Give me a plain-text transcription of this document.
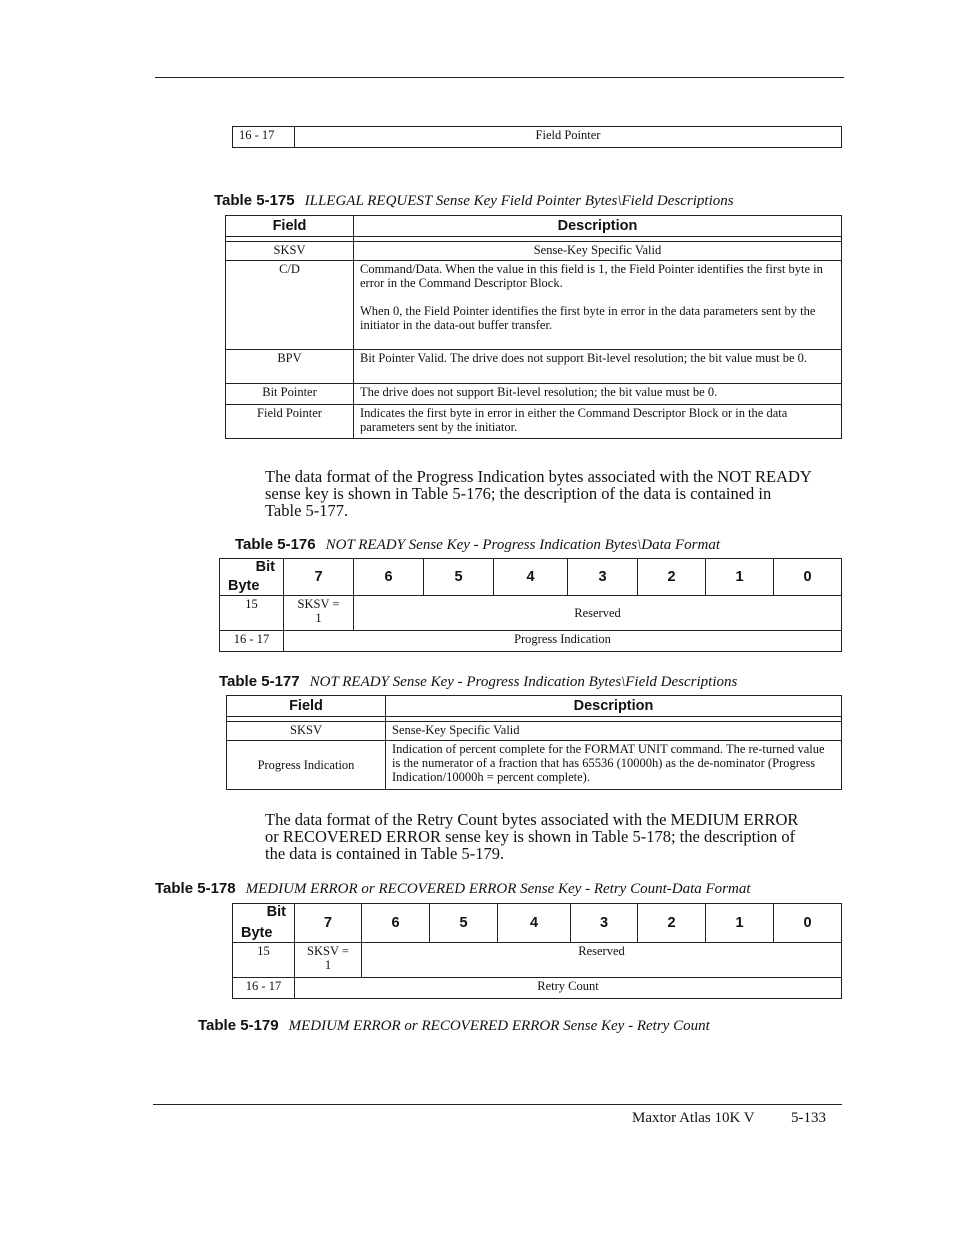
16 - 17	Field Pointer
Table 5-175 ILLEGAL REQUEST Sense Key Field Pointer Bytes\Field Descriptions
Field	Description

SKSV	Sense-Key Specific Valid
C/D	Command/Data. When the value in this field is 1, the Field Pointer identifies the first byte in error in the Command Descriptor Block.
When 0, the Field Pointer identifies the first byte in error in the data parameters sent by the initiator in the data-out buffer transfer.

BPV	Bit Pointer Valid. The drive does not support Bit-level resolution; the bit value must be 0.
Bit Pointer	The drive does not support Bit-level resolution; the bit value must be 0.
Field Pointer	Indicates the first byte in error in either the Command Descriptor Block or in the data parameters sent by the initiator.
The data format of the Progress Indication bytes associated with the NOT READY
sense key is shown in Table 5-176; the description of the data is contained in
Table 5-177.
Table 5-176 NOT READY Sense Key - Progress Indication Bytes\Data Format
Bit
Byte	7	6	5	4	3	2	1	0
15	SKSV = 1	Reserved						
16 - 17	Progress Indication							
Table 5-177 NOT READY Sense Key - Progress Indication Bytes\Field Descriptions
Field	Description

SKSV	Sense-Key Specific Valid
Progress Indication	Indication of percent complete for the FORMAT UNIT command. The re-turned value is the numerator of a fraction that has 65536 (10000h) as the de-nominator (Progress Indication/10000h = percent complete).
The data format of the Retry Count bytes associated with the MEDIUM ERROR
or RECOVERED ERROR sense key is shown in Table 5-178; the description of
the data is contained in Table 5-179.
Table 5-178 MEDIUM ERROR or RECOVERED ERROR Sense Key - Retry Count-Data Format
Bit
Byte	7	6	5	4	3	2	1	0
15	SKSV = 1	Reserved						
16 - 17	Retry Count							
Table 5-179 MEDIUM ERROR or RECOVERED ERROR Sense Key - Retry Count
Maxtor Atlas 10K V 5-133
